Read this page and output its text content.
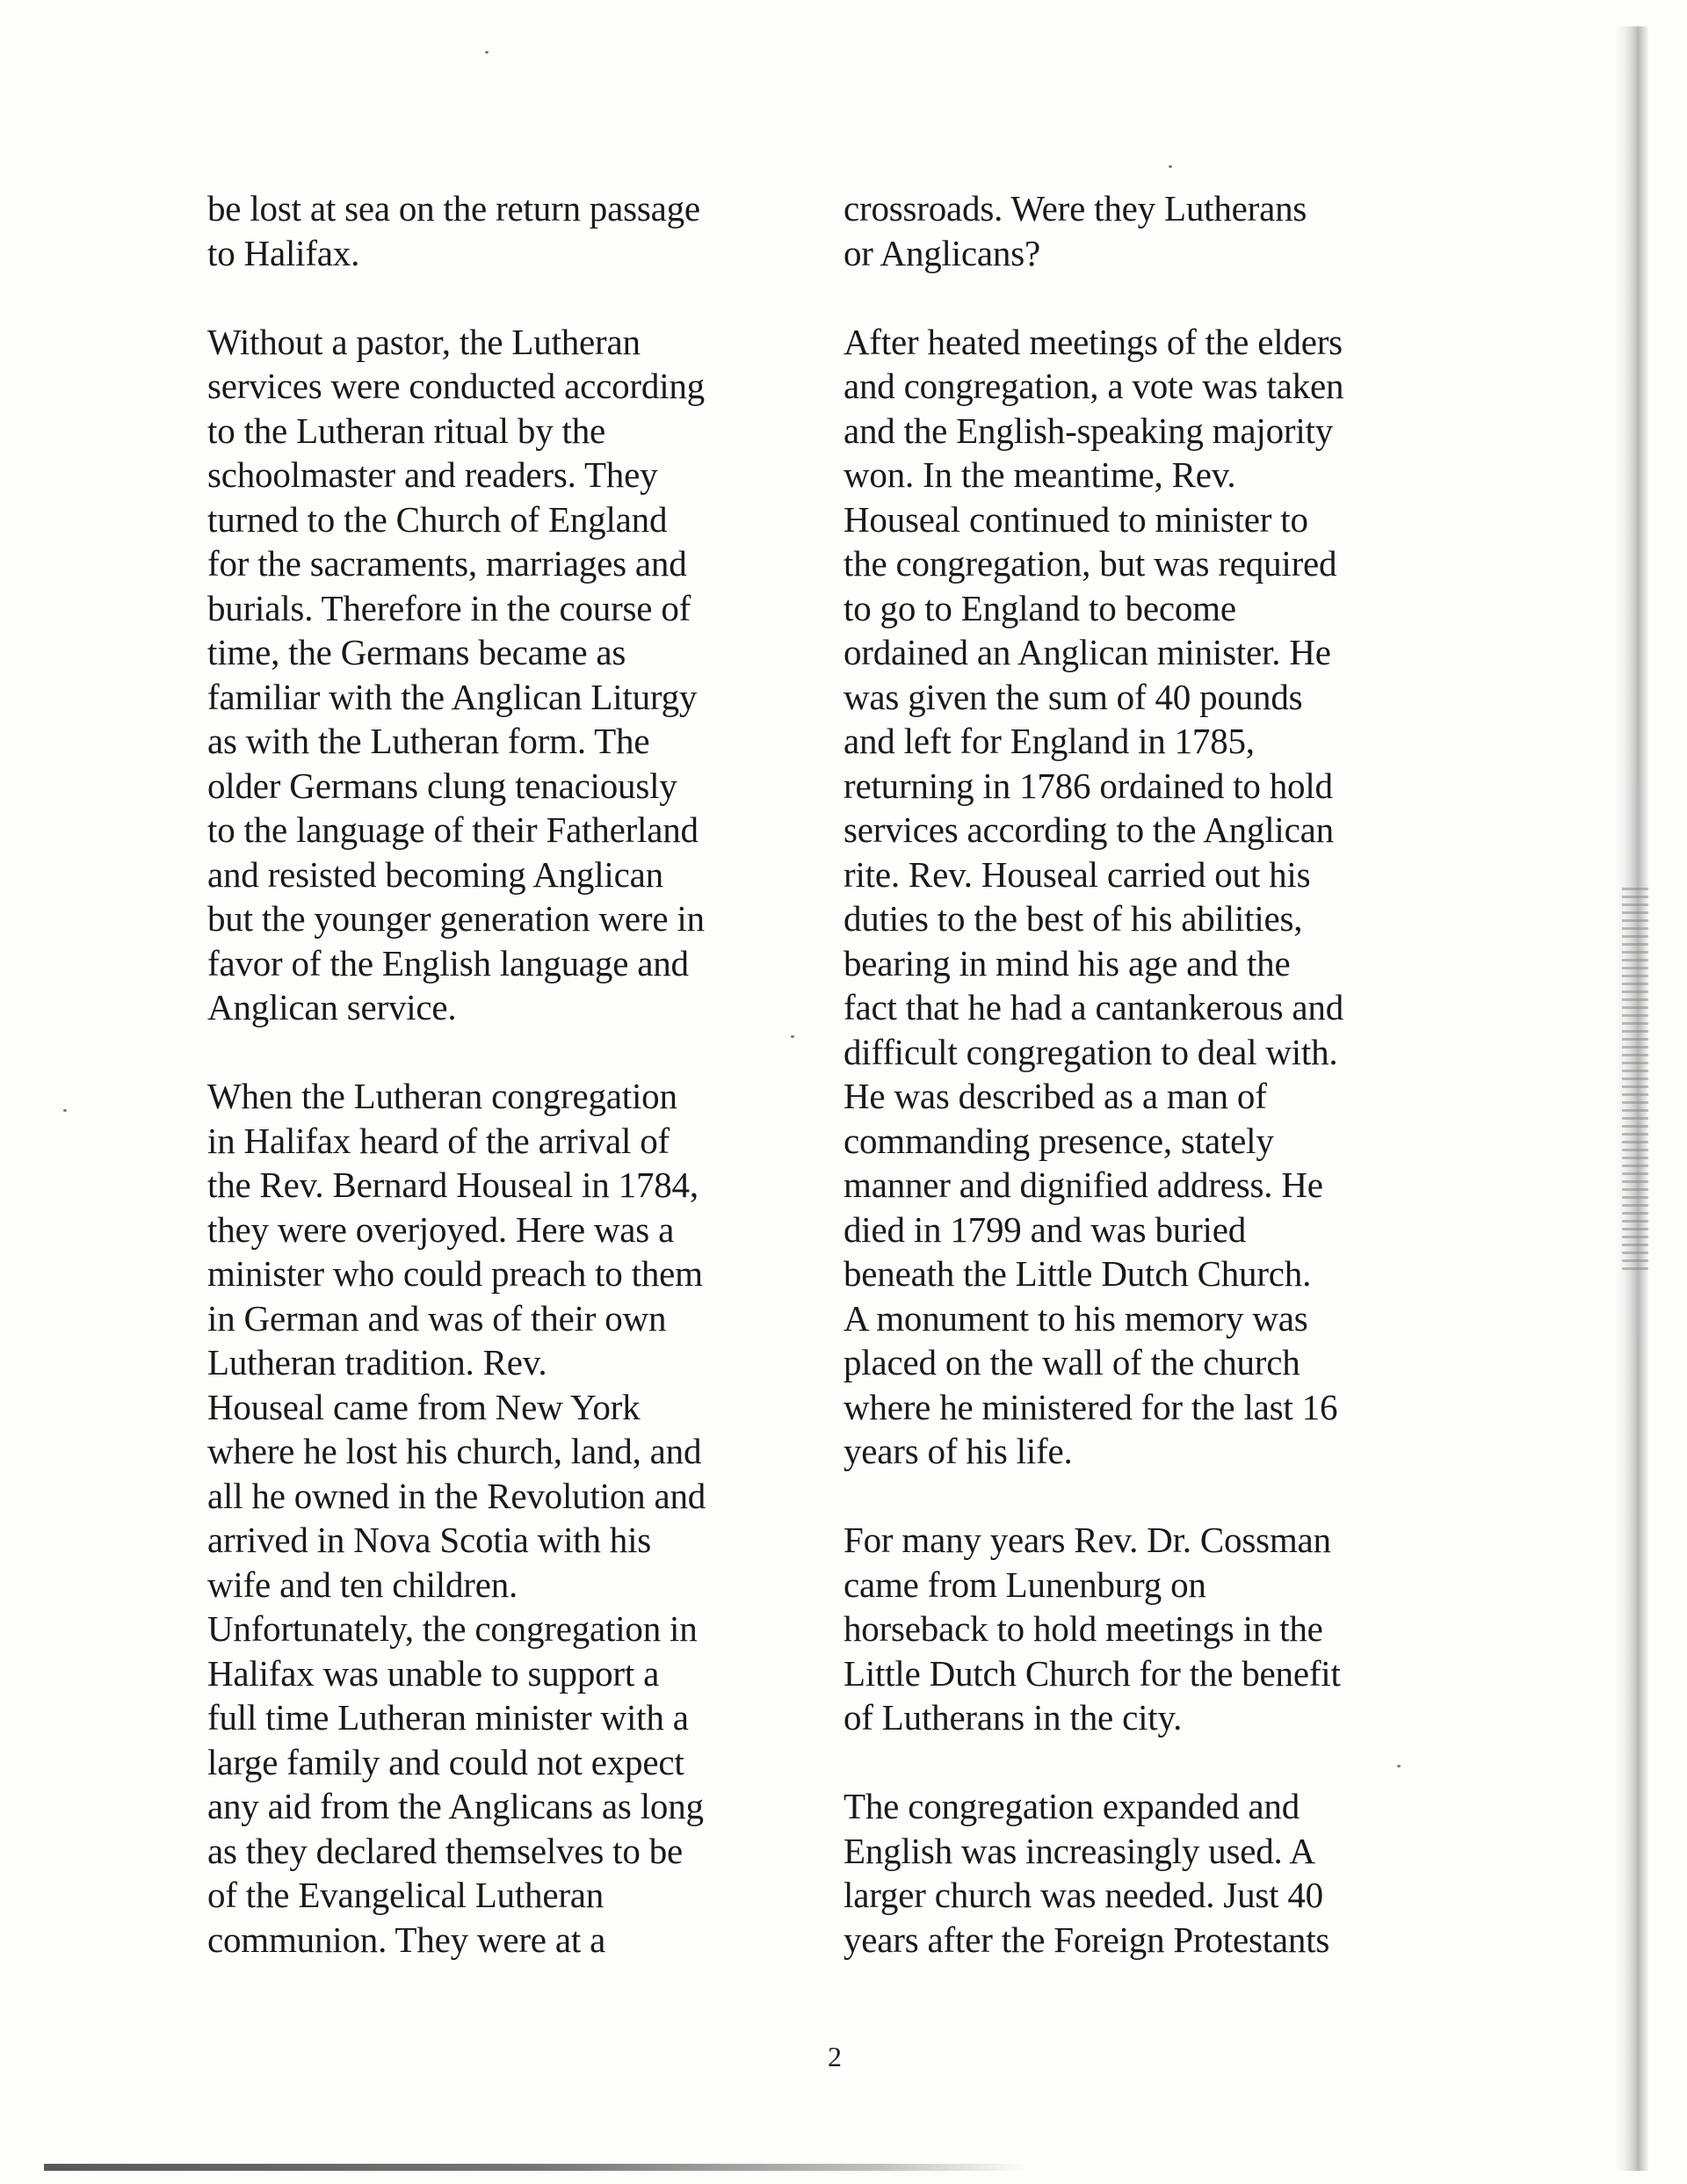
be lost at sea on the return passage
to Halifax.
Without a pastor, the Lutheran
services were conducted according
to the Lutheran ritual by the
schoolmaster and readers. They
turned to the Church of England
for the sacraments, marriages and
burials. Therefore in the course of
time, the Germans became as
familiar with the Anglican Liturgy
as with the Lutheran form. The
older Germans clung tenaciously
to the language of their Fatherland
and resisted becoming Anglican
but the younger generation were in
favor of the English language and
Anglican service.
When the Lutheran congregation
in Halifax heard of the arrival of
the Rev. Bernard Houseal in 1784,
they were overjoyed. Here was a
minister who could preach to them
in German and was of their own
Lutheran tradition. Rev.
Houseal came from New York
where he lost his church, land, and
all he owned in the Revolution and
arrived in Nova Scotia with his
wife and ten children.
Unfortunately, the congregation in
Halifax was unable to support a
full time Lutheran minister with a
large family and could not expect
any aid from the Anglicans as long
as they declared themselves to be
of the Evangelical Lutheran
communion. They were at a
crossroads. Were they Lutherans
or Anglicans?
After heated meetings of the elders
and congregation, a vote was taken
and the English-speaking majority
won. In the meantime, Rev.
Houseal continued to minister to
the congregation, but was required
to go to England to become
ordained an Anglican minister. He
was given the sum of 40 pounds
and left for England in 1785,
returning in 1786 ordained to hold
services according to the Anglican
rite. Rev. Houseal carried out his
duties to the best of his abilities,
bearing in mind his age and the
fact that he had a cantankerous and
difficult congregation to deal with.
He was described as a man of
commanding presence, stately
manner and dignified address. He
died in 1799 and was buried
beneath the Little Dutch Church.
A monument to his memory was
placed on the wall of the church
where he ministered for the last 16
years of his life.
For many years Rev. Dr. Cossman
came from Lunenburg on
horseback to hold meetings in the
Little Dutch Church for the benefit
of Lutherans in the city.
The congregation expanded and
English was increasingly used. A
larger church was needed. Just 40
years after the Foreign Protestants
2
